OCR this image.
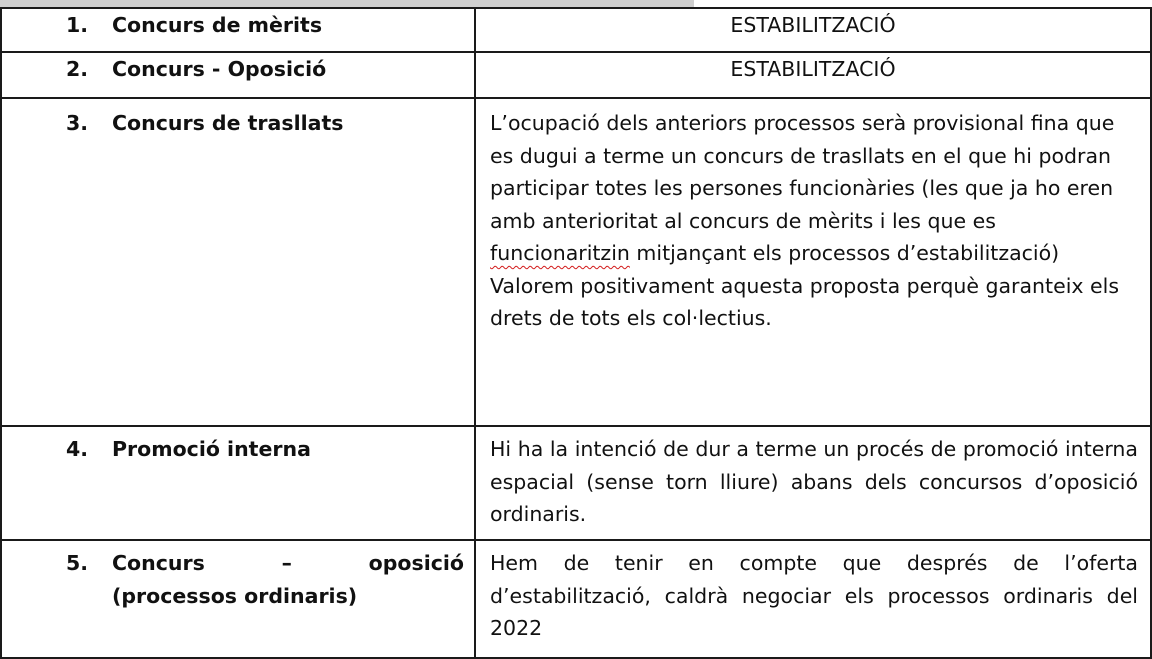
1. Concurs de mèrits	ESTABILITZACIÓ

2. Concurs - Oposició	ESTABILITZACIÓ

3. Concurs de trasllats	L’ocupació dels anteriors processos serà provisional fina que es dugui a terme un concurs de trasllats en el que hi podran participar totes les persones funcionàries (les que ja ho eren amb anterioritat al concurs de mèrits i les que es funcionaritzin mitjançant els processos d’estabilització) Valorem positivament aquesta proposta perquè garanteix els drets de tots els col·lectius.

4. Promoció interna	Hi ha la intenció de dur a terme un procés de promoció interna espacial (sense torn lliure) abans dels concursos d’oposició ordinaris.

5. Concurs – oposició
(processos ordinaris)	Hem de tenir en compte que després de l’oferta d’estabilització, caldrà negociar els processos ordinaris del 2022
